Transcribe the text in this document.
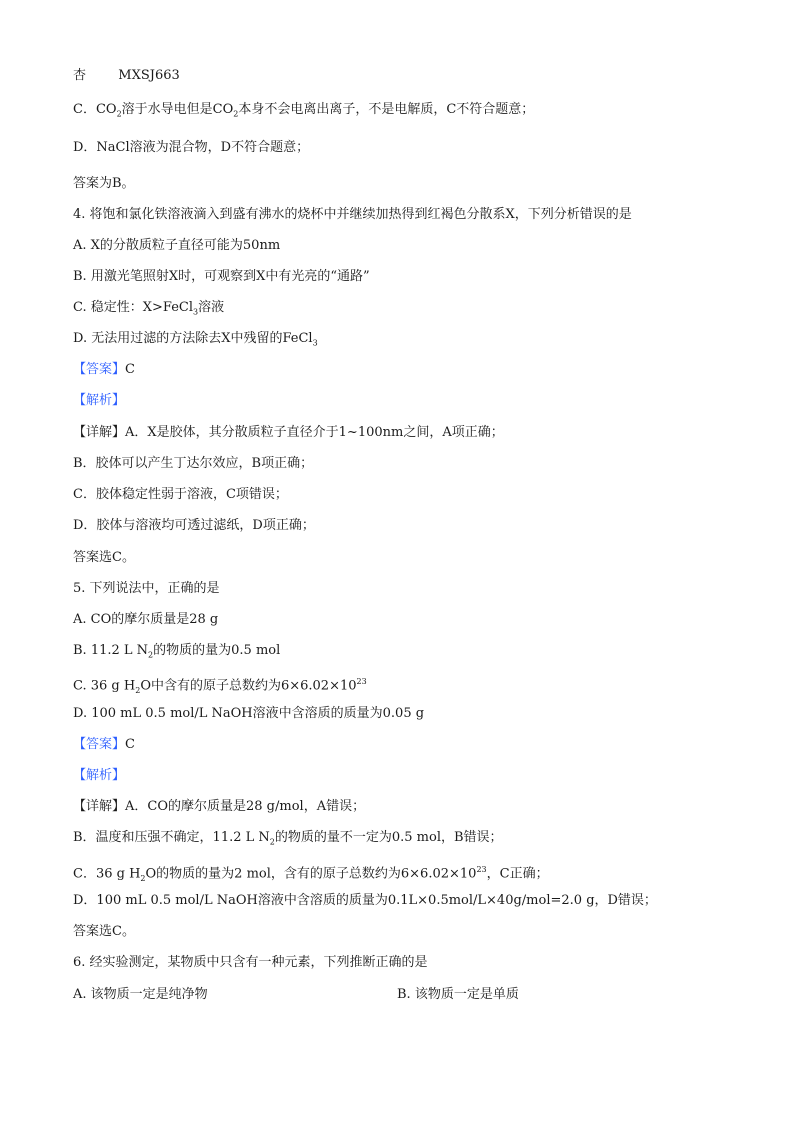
杏 MXSJ663
C．$CO_2$溶于水导电但是$CO_2$本身不会电离出离子，不是电解质，C不符合题意；
D．NaCl溶液为混合物，D不符合题意；
答案为B。
4. 将饱和氯化铁溶液滴入到盛有沸水的烧杯中并继续加热得到红褐色分散系X，下列分析错误的是
A. X的分散质粒子直径可能为50nm
B. 用激光笔照射X时，可观察到X中有光亮的“通路”
C. 稳定性：X>FeCl$_3$溶液
D. 无法用过滤的方法除去X中残留的FeCl$_3$
【答案】C
【解析】
【详解】A．X是胶体，其分散质粒子直径介于1~100nm之间，A项正确；
B．胶体可以产生丁达尔效应，B项正确；
C．胶体稳定性弱于溶液，C项错误；
D．胶体与溶液均可透过滤纸，D项正确；
答案选C。
5. 下列说法中，正确的是
A. CO的摩尔质量是28 g
B. 11.2 L $N_2$的物质的量为0.5 mol
C. 36 g $H_2O$中含有的原子总数约为$6\times 6.02\times 10^{23}$
D. 100 mL 0.5 mol/L NaOH溶液中含溶质的质量为0.05 g
【答案】C
【解析】
【详解】A．CO的摩尔质量是28 g/mol，A错误；
B．温度和压强不确定，11.2 L $N_2$的物质的量不一定为0.5 mol，B错误；
C．36 g $H_2O$的物质的量为2 mol，含有的原子总数约为$6\times 6.02\times 10^{23}$，C正确；
D．100 mL 0.5 mol/L NaOH溶液中含溶质的质量为0.1L×0.5mol/L×40g/mol=2.0 g，D错误；
答案选C。
6. 经实验测定，某物质中只含有一种元素，下列推断正确的是
A. 该物质一定是纯净物	B. 该物质一定是单质
